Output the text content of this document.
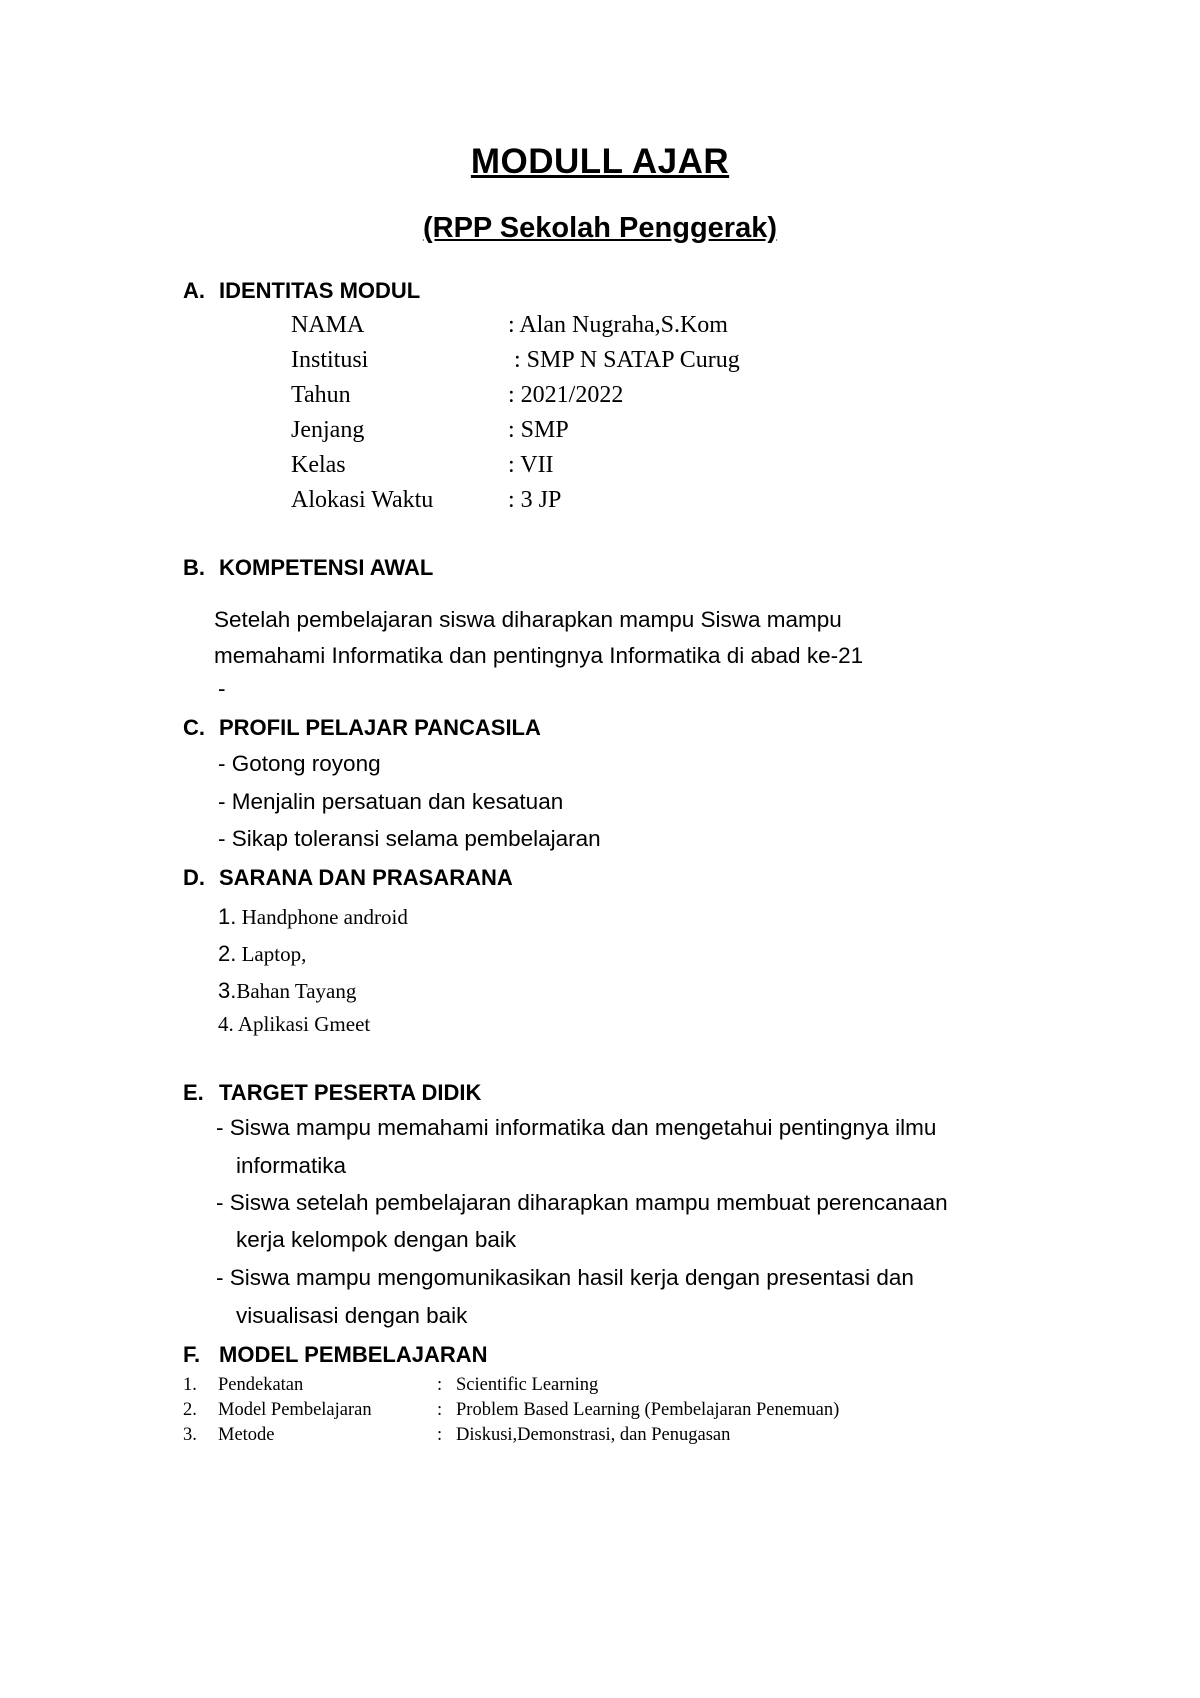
MODULL AJAR
(RPP Sekolah Penggerak)
A. IDENTITAS MODUL
NAMA	: Alan Nugraha,S.Kom
Institusi	: SMP N SATAP Curug
Tahun	: 2021/2022
Jenjang	: SMP
Kelas	: VII
Alokasi Waktu	: 3 JP
B. KOMPETENSI AWAL
Setelah pembelajaran siswa diharapkan mampu Siswa mampu
memahami Informatika dan pentingnya Informatika di abad ke-21
-
C. PROFIL PELAJAR PANCASILA
- Gotong royong
- Menjalin persatuan dan kesatuan
- Sikap toleransi selama pembelajaran
D. SARANA DAN PRASARANA
1. Handphone android
2. Laptop,
3.Bahan Tayang
4. Aplikasi Gmeet
E. TARGET PESERTA DIDIK
- Siswa mampu memahami informatika dan mengetahui pentingnya ilmu
informatika
- Siswa setelah pembelajaran diharapkan mampu membuat perencanaan
kerja kelompok dengan baik
- Siswa mampu mengomunikasikan hasil kerja dengan presentasi dan
visualisasi dengan baik
F. MODEL PEMBELAJARAN
1. Pendekatan	: Scientific Learning
2. Model Pembelajaran	: Problem Based Learning (Pembelajaran Penemuan)
3. Metode	: Diskusi,Demonstrasi, dan Penugasan
